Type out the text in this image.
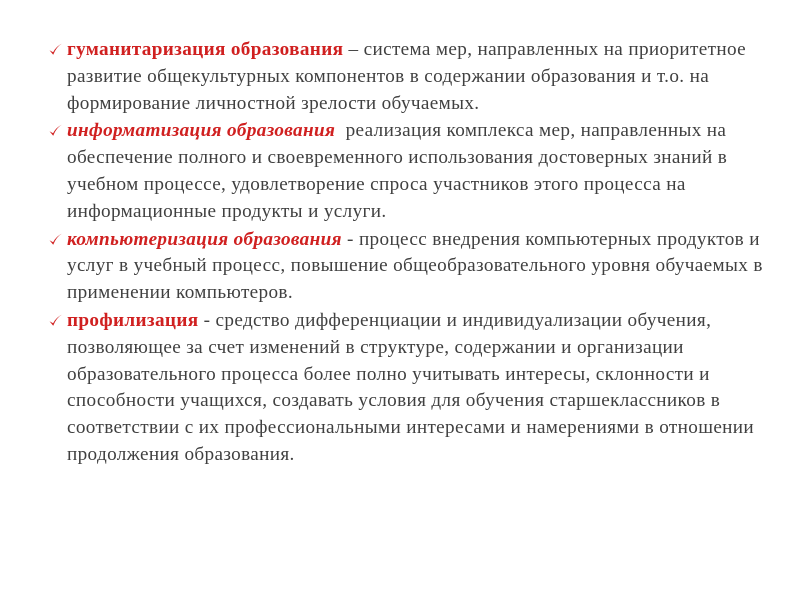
гуманитаризация образования – система мер, направленных на приоритетное развитие общекультурных компонентов в содержании образования и т.о. на формирование личностной зрелости обучаемых.
информатизация образования реализация комплекса мер, направленных на обеспечение полного и своевременного использования достоверных знаний в учебном процессе, удовлетворение спроса участников этого процесса на информационные продукты и услуги.
компьютеризация образования - процесс внедрения компьютерных продуктов и услуг в учебный процесс, повышение общеобразовательного уровня обучаемых в применении компьютеров.
профилизация - средство дифференциации и индивидуализации обучения, позволяющее за счет изменений в структуре, содержании и организации образовательного процесса более полно учитывать интересы, склонности и способности учащихся, создавать условия для обучения старшеклассников в соответствии с их профессиональными интересами и намерениями в отношении продолжения образования.
